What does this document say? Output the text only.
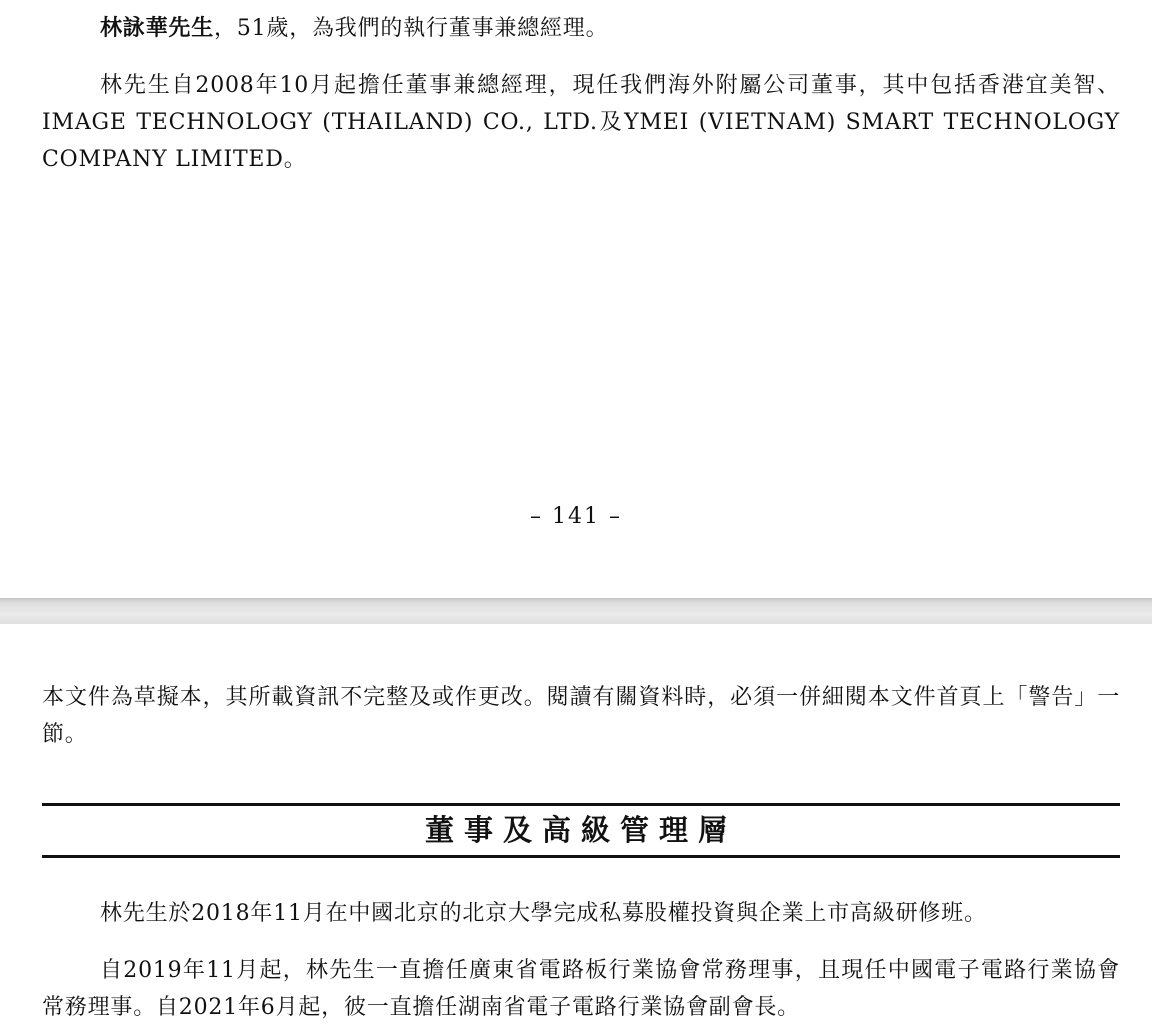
林詠華先生，51歲，為我們的執行董事兼總經理。

林先生自2008年10月起擔任董事兼總經理，現任我們海外附屬公司董事，其中包括香港宜美智、IMAGE TECHNOLOGY (THAILAND) CO., LTD.及YMEI (VIETNAM) SMART TECHNOLOGY COMPANY LIMITED。

– 141 –

本文件為草擬本，其所載資訊不完整及或作更改。閱讀有關資料時，必須一併細閱本文件首頁上「警告」一節。

董事及高級管理層

林先生於2018年11月在中國北京的北京大學完成私募股權投資與企業上市高級研修班。

自2019年11月起，林先生一直擔任廣東省電路板行業協會常務理事，且現任中國電子電路行業協會常務理事。自2021年6月起，彼一直擔任湖南省電子電路行業協會副會長。
